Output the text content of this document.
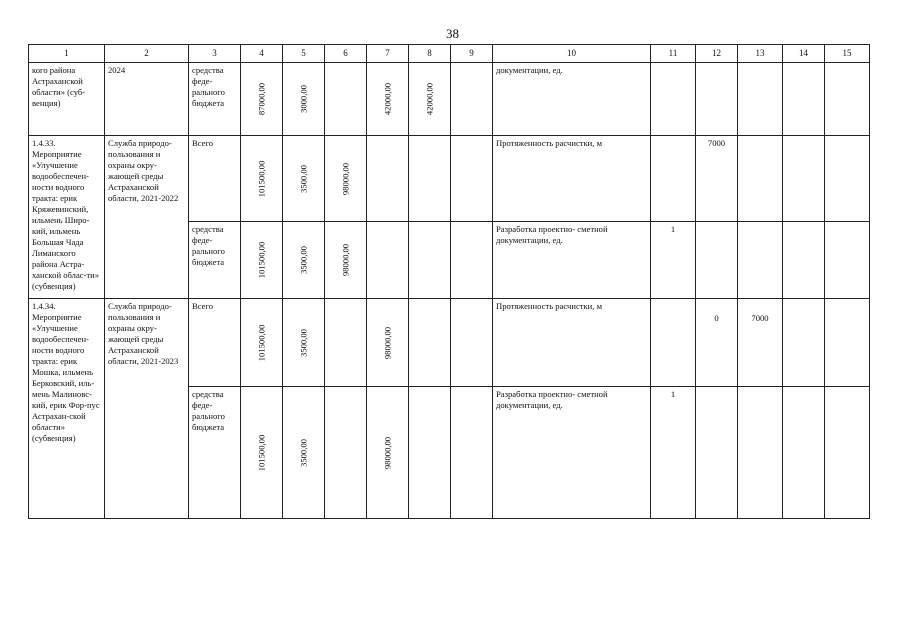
38
1	2	3	4	5	6	7	8	9	10	11	12	13	14	15
кого района Астраханской области» (суб-венция)	2024	средства феде-рального бюджета	87000,00	3000,00		42000,00	42000,00		документации, ед.					
1.4.33. Мероприятие «Улучшение водообеспечен-ности водного тракта: ерик Кряжевинский, ильмень Широ-кий, ильмень Большая Чада Лиманского района Астра-ханской облас-ти» (субвенция)	Служба природо-пользования и охраны окру-жающей среды Астраханской области, 2021-2022	Всего	101500,00	3500,00	98000,00				Протяженность расчистки, м		7000			
		средства феде-рального бюджета	101500,00	3500,00	98000,00				Разработка проектно- сметной документации, ед.	1				
1.4.34. Мероприятие «Улучшение водообеспечен-ности водного тракта: ерик Мошка, ильмень Берковский, иль-мень Малиновс-кий, ерик Фор-пус Астрахан-ской области» (субвенция)	Служба природо-пользования и охраны окру-жающей среды Астраханской области, 2021-2023	Всего	101500,00	3500,00		98000,00			Протяженность расчистки, м		0	7000		
		средства феде-рального бюджета	101500,00	3500,00		98000,00			Разработка проектно- сметной документации, ед.	1				
